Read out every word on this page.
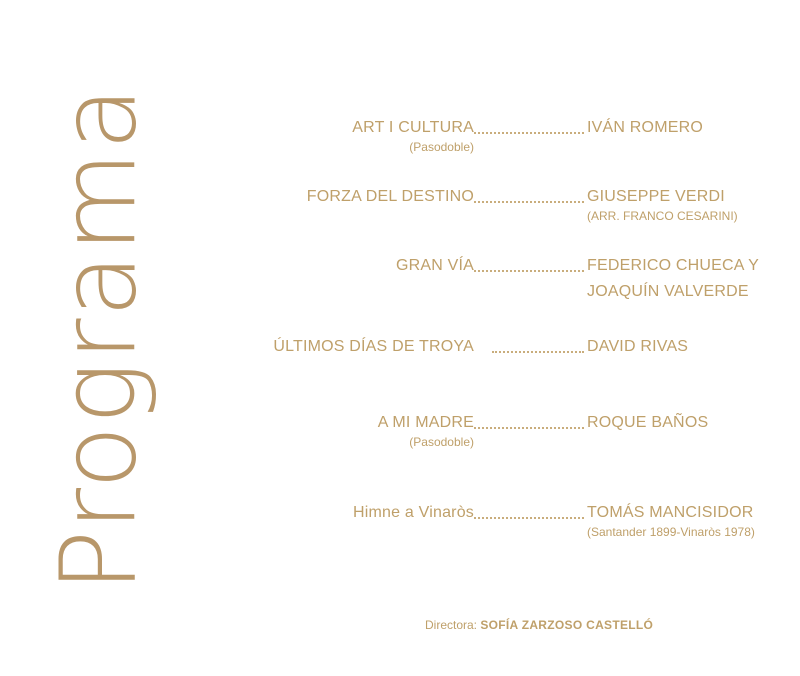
Programa	ART I CULTURA	IVÁN ROMERO
(Pasodoble)
FORZA DEL DESTINO	GIUSEPPE VERDI
(ARR. FRANCO CESARINI)
GRAN VÍA	FEDERICO CHUECA Y
JOAQUÍN VALVERDE
ÚLTIMOS DÍAS DE TROYA	DAVID RIVAS
A MI MADRE	ROQUE BAÑOS
(Pasodoble)
Himne a Vinaròs	TOMÁS MANCISIDOR
(Santander 1899-Vinaròs 1978)
Directora: SOFÍA ZARZOSO CASTELLÓ
